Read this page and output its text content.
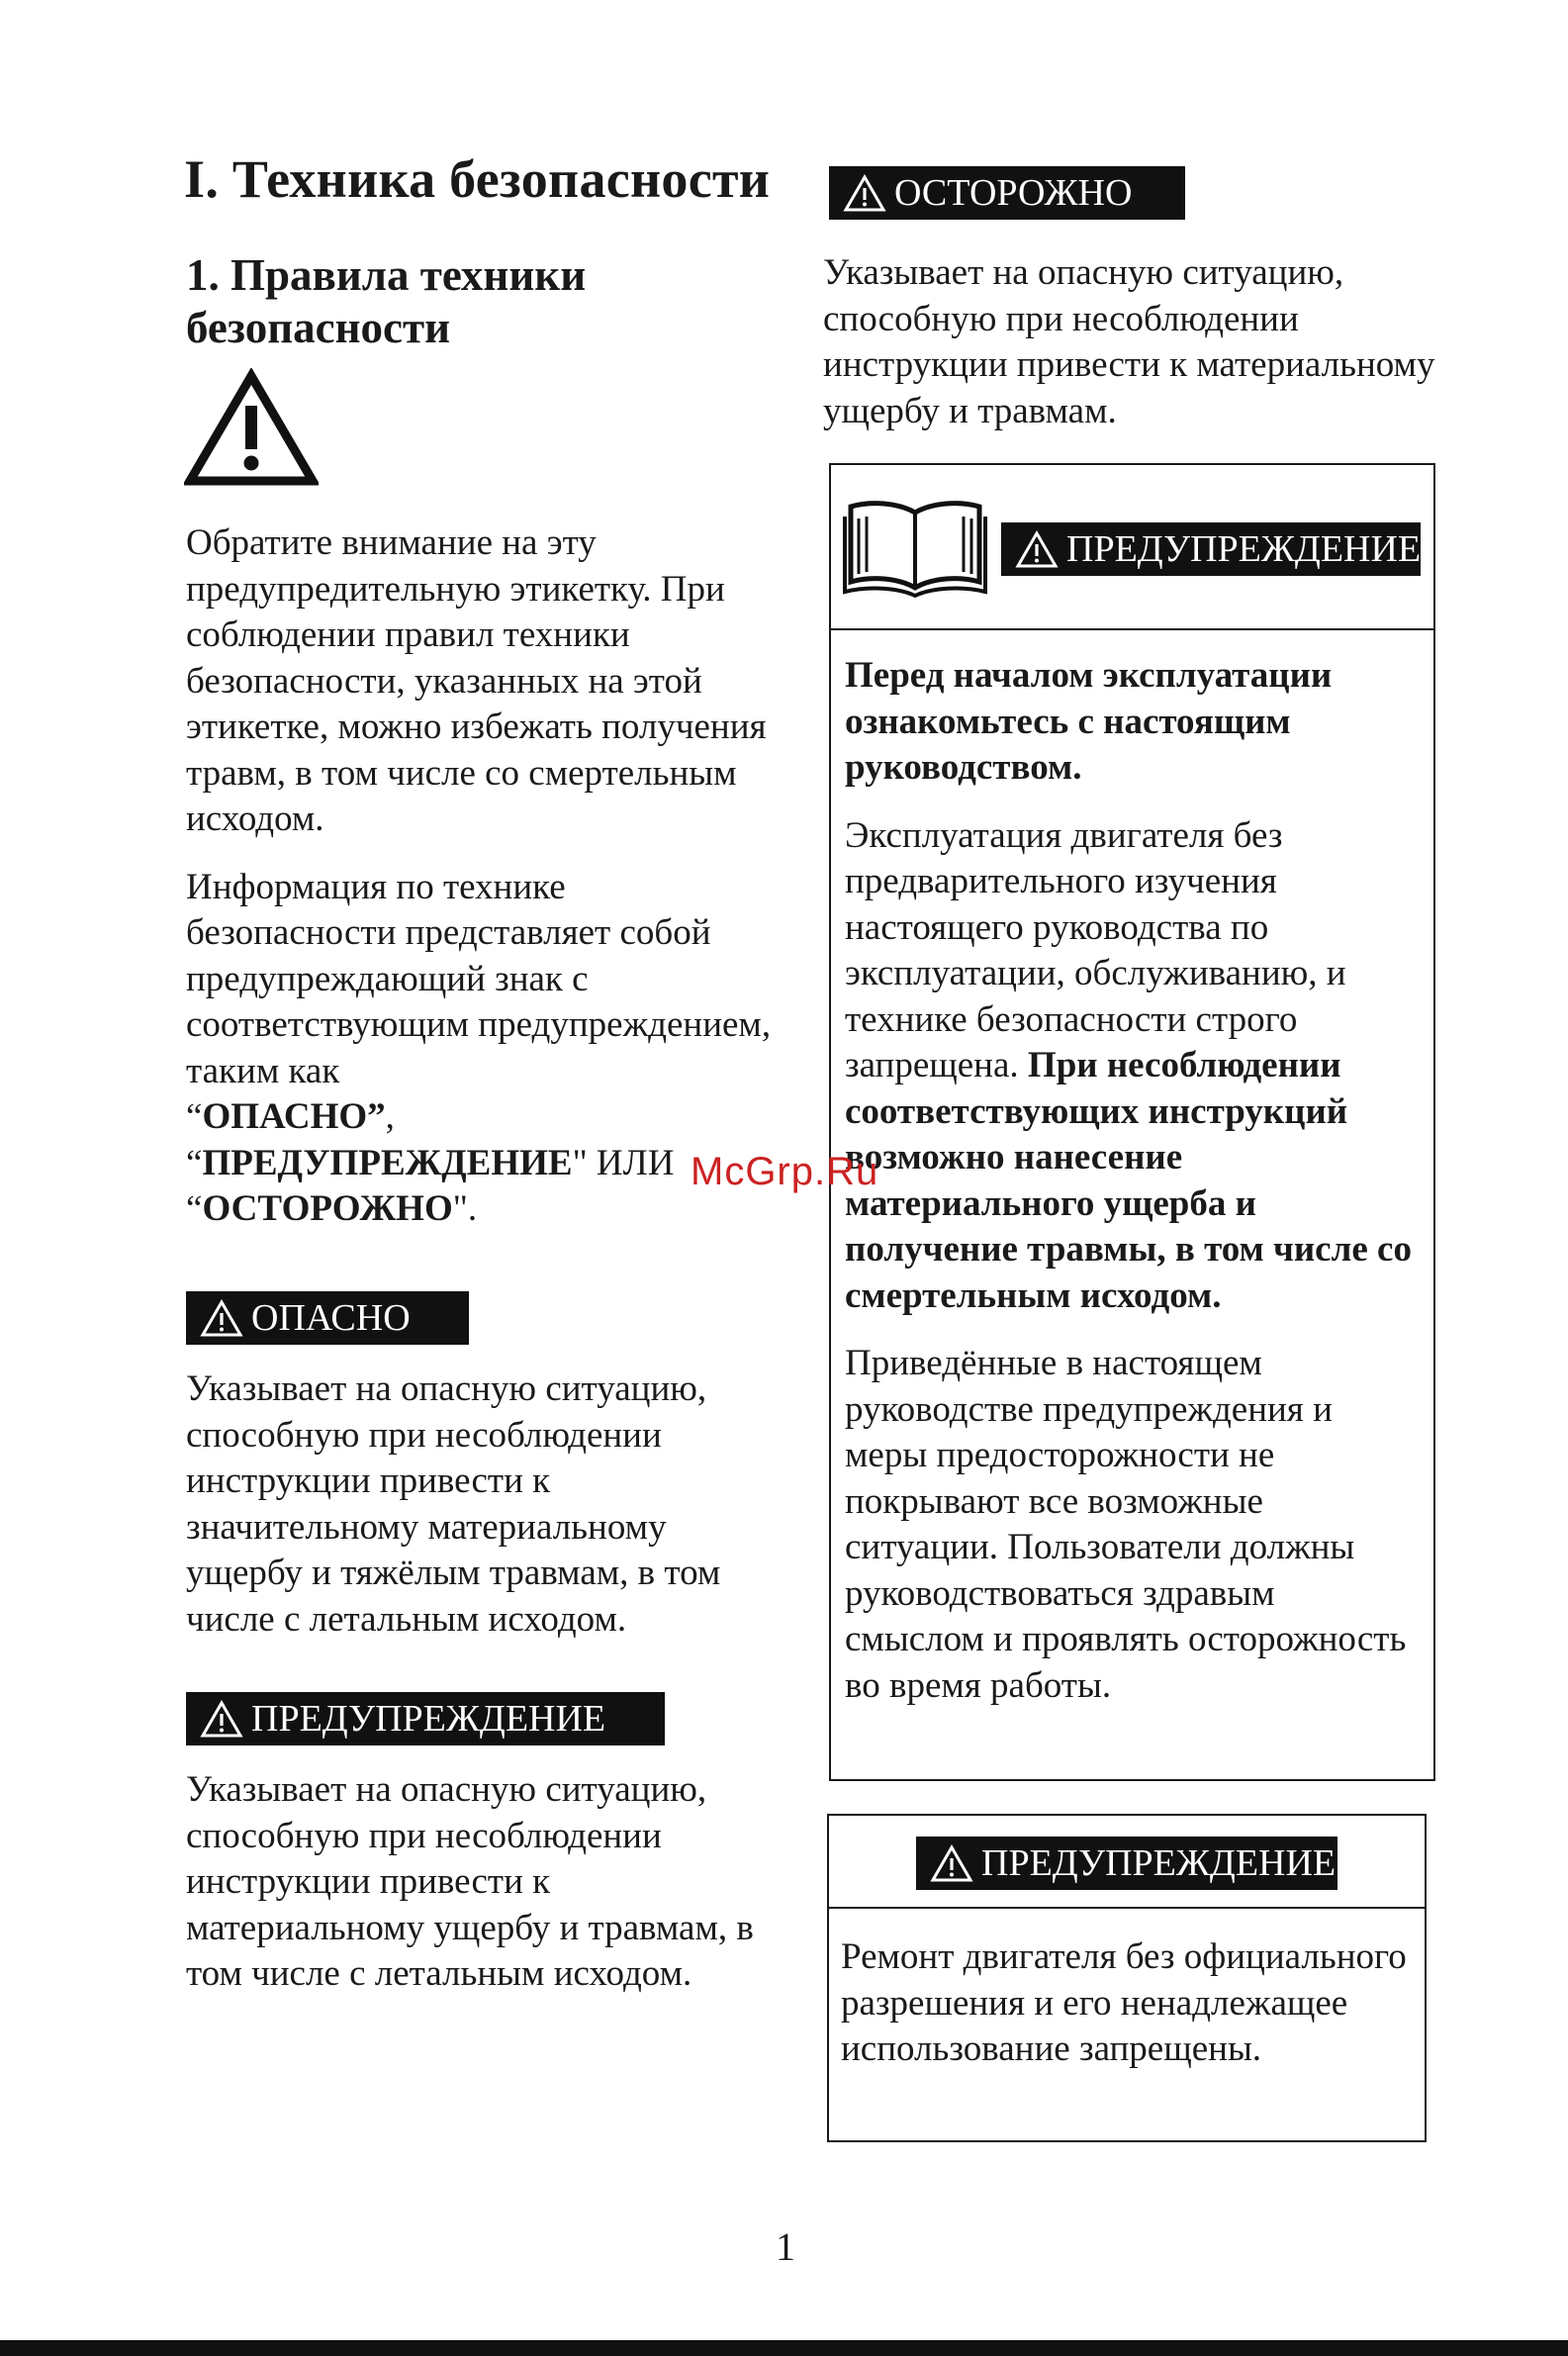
I. Техника безопасности
1. Правила техники безопасности

Обратите внимание на эту предупредительную этикетку. При соблюдении правил техники безопасности, указанных на этой этикетке, можно избежать получения травм, в том числе со смертельным исходом.

Информация по технике безопасности представляет собой предупреждающий знак с соответствующим предупреждением, таким как
“ОПАСНО”,
“ПРЕДУПРЕЖДЕНИЕ" ИЛИ
“ОСТОРОЖНО".

ОПАСНО
Указывает на опасную ситуацию, способную при несоблюдении инструкции привести к значительному материальному ущербу и тяжёлым травмам, в том числе с летальным исходом.
ПРЕДУПРЕЖДЕНИЕ
Указывает на опасную ситуацию, способную при несоблюдении инструкции привести к материальному ущербу и травмам, в том числе с летальным исходом.
ОСТОРОЖНО
Указывает на опасную ситуацию, способную при несоблюдении инструкции привести к материальному ущербу и травмам.
ПРЕДУПРЕЖДЕНИЕ

Перед началом эксплуатации ознакомьтесь с настоящим руководством.

Эксплуатация двигателя без предварительного изучения настоящего руководства по эксплуатации, обслуживанию, и технике безопасности строго запрещена. При несоблюдении соответствующих инструкций возможно нанесение материального ущерба и получение травмы, в том числе со смертельным исходом.

Приведённые в настоящем руководстве предупреждения и меры предосторожности не покрывают все возможные ситуации. Пользователи должны руководствоваться здравым смыслом и проявлять осторожность во время работы.

ПРЕДУПРЕЖДЕНИЕ
Ремонт двигателя без официального разрешения и его ненадлежащее использование запрещены.
McGrp.Ru
1
